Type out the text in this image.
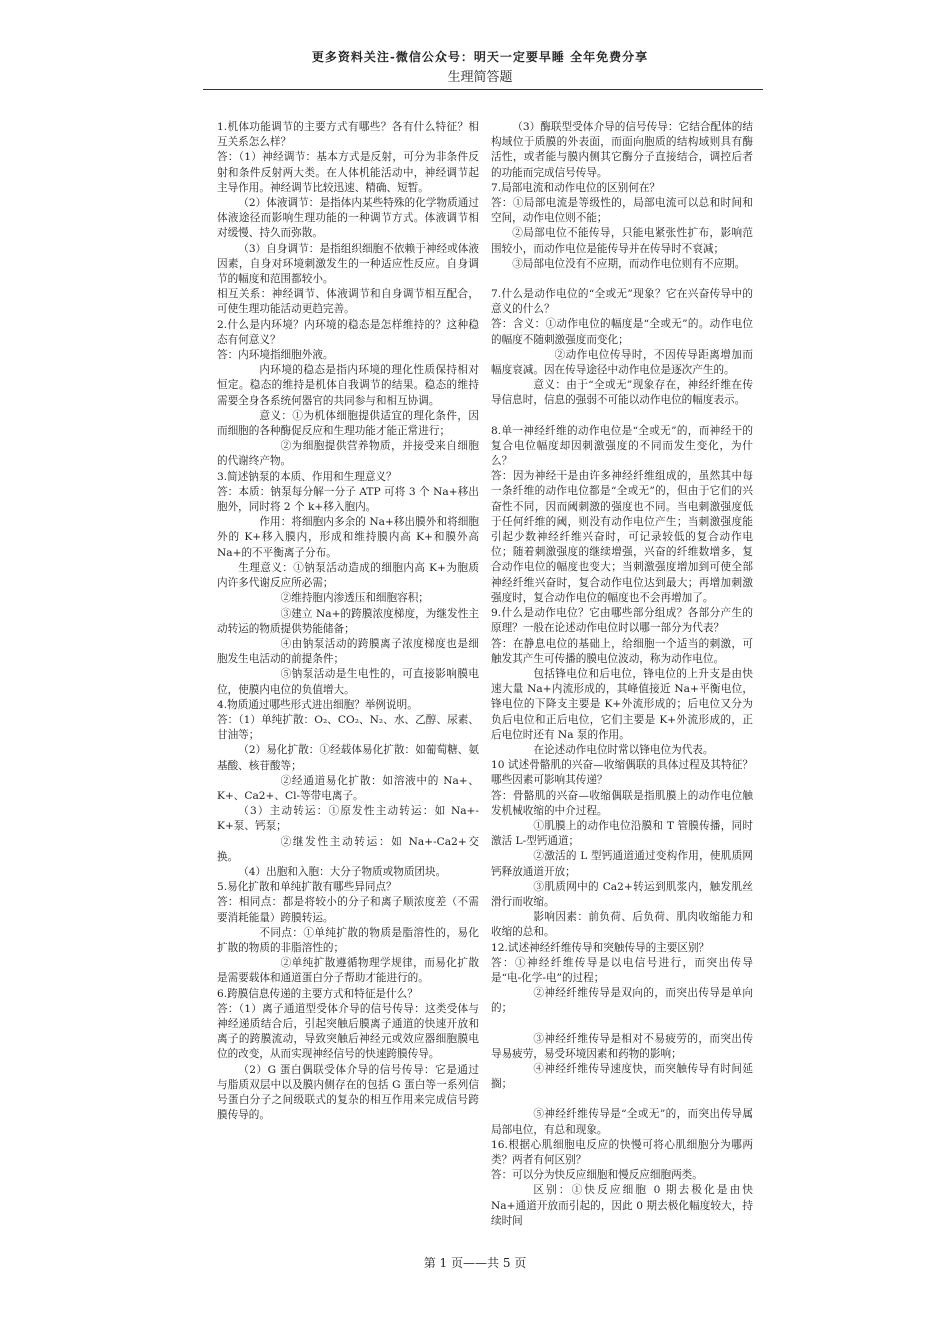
更多资料关注-微信公众号：明天一定要早睡 全年免费分享
生理简答题

1.机体功能调节的主要方式有哪些？各有什么特征？相互关系怎么样？

答：（1）神经调节：基本方式是反射，可分为非条件反射和条件反射两大类。在人体机能活动中，神经调节起主导作用。神经调节比较迅速、精确、短暂。

（2）体液调节：是指体内某些特殊的化学物质通过体液途径而影响生理功能的一种调节方式。体液调节相对缓慢、持久而弥散。

（3）自身调节：是指组织细胞不依赖于神经或体液因素，自身对环境刺激发生的一种适应性反应。自身调节的幅度和范围都较小。

相互关系：神经调节、体液调节和自身调节相互配合，可使生理功能活动更趋完善。

2.什么是内环境？内环境的稳态是怎样维持的？这种稳态有何意义？

答：内环境指细胞外液。

内环境的稳态是指内环境的理化性质保持相对恒定。稳态的维持是机体自我调节的结果。稳态的维持需要全身各系统何器官的共同参与和相互协调。

意义：①为机体细胞提供适宜的理化条件，因而细胞的各种酶促反应和生理功能才能正常进行；

②为细胞提供营养物质，并接受来自细胞的代谢终产物。

3.简述钠泵的本质、作用和生理意义？

答：本质：钠泵每分解一分子 ATP 可将 3 个 Na+移出胞外，同时将 2 个 k+移入胞内。

作用：将细胞内多余的 Na+移出膜外和将细胞外的 K+移入膜内，形成和维持膜内高 K+和膜外高 Na+的不平衡离子分布。

生理意义：①钠泵活动造成的细胞内高 K+为胞质内许多代谢反应所必需；

②维持胞内渗透压和细胞容积；

③建立 Na+的跨膜浓度梯度，为继发性主动转运的物质提供势能储备；

④由钠泵活动的跨膜离子浓度梯度也是细胞发生电活动的前提条件；

⑤钠泵活动是生电性的，可直接影响膜电位，使膜内电位的负值增大。

4.物质通过哪些形式进出细胞？举例说明。

答：（1）单纯扩散：O₂、CO₂、N₂、水、乙醇、尿素、甘油等；

（2）易化扩散：①经载体易化扩散：如葡萄糖、氨基酸、核苷酸等；

②经通道易化扩散：如溶液中的 Na+、K+、Ca2+、Cl-等带电离子。

（3）主动转运：①原发性主动转运：如 Na+-K+泵、钙泵；

②继发性主动转运：如 Na+-Ca2+交换。

（4）出胞和入胞：大分子物质或物质团块。

5.易化扩散和单纯扩散有哪些异同点？

答：相同点：都是将较小的分子和离子顺浓度差（不需要消耗能量）跨膜转运。

不同点：①单纯扩散的物质是脂溶性的，易化扩散的物质的非脂溶性的；

②单纯扩散遵循物理学规律，而易化扩散是需要载体和通道蛋白分子帮助才能进行的。

6.跨膜信息传递的主要方式和特征是什么？

答：（1）离子通道型受体介导的信号传导：这类受体与神经递质结合后，引起突触后膜离子通道的快速开放和离子的跨膜流动，导致突触后神经元或效应器细胞膜电位的改变，从而实现神经信号的快速跨膜传导。

（2）G 蛋白偶联受体介导的信号传导：它是通过与脂质双层中以及膜内侧存在的包括 G 蛋白等一系列信号蛋白分子之间级联式的复杂的相互作用来完成信号跨膜传导的。

（3）酶联型受体介导的信号传导：它结合配体的结构域位于质膜的外表面，而面向胞质的结构域则具有酶活性，或者能与膜内侧其它酶分子直接结合，调控后者的功能而完成信号传导。

7.局部电流和动作电位的区别何在？

答：①局部电流是等级性的，局部电流可以总和时间和空间，动作电位则不能；

②局部电位不能传导，只能电紧张性扩布，影响范围较小，而动作电位是能传导并在传导时不衰减；

③局部电位没有不应期，而动作电位则有不应期。

7.什么是动作电位的“全或无”现象？它在兴奋传导中的意义的什么？

答：含义：①动作电位的幅度是“全或无”的。动作电位的幅度不随刺激强度而变化；

②动作电位传导时，不因传导距离增加而幅度衰减。因在传导途径中动作电位是逐次产生的。

意义：由于“全或无”现象存在，神经纤维在传导信息时，信息的强弱不可能以动作电位的幅度表示。

8.单一神经纤维的动作电位是“全或无”的，而神经干的复合电位幅度却因刺激强度的不同而发生变化，为什么？

答：因为神经干是由许多神经纤维组成的，虽然其中每一条纤维的动作电位都是“全或无”的，但由于它们的兴奋性不同，因而阈刺激的强度也不同。当电刺激强度低于任何纤维的阈，则没有动作电位产生；当刺激强度能引起少数神经纤维兴奋时，可记录较低的复合动作电位；随着刺激强度的继续增强，兴奋的纤维数增多，复合动作电位的幅度也变大；当刺激强度增加到可使全部神经纤维兴奋时，复合动作电位达到最大；再增加刺激强度时，复合动作电位的幅度也不会再增加了。

9.什么是动作电位？它由哪些部分组成？各部分产生的原理？一般在论述动作电位时以哪一部分为代表？

答：在静息电位的基础上，给细胞一个适当的刺激，可触发其产生可传播的膜电位波动，称为动作电位。

包括锋电位和后电位，锋电位的上升支是由快速大量 Na+内流形成的，其峰值接近 Na+平衡电位，锋电位的下降支主要是 K+外流形成的；后电位又分为负后电位和正后电位，它们主要是 K+外流形成的，正后电位时还有 Na 泵的作用。

在论述动作电位时常以锋电位为代表。

10 试述骨骼肌的兴奋—收缩偶联的具体过程及其特征？哪些因素可影响其传递？

答：骨骼肌的兴奋—收缩偶联是指肌膜上的动作电位触发机械收缩的中介过程。

①肌膜上的动作电位沿膜和 T 管膜传播，同时激活 L-型钙通道；

②激活的 L 型钙通道通过变构作用，使肌质网钙释放通道开放；

③肌质网中的 Ca2+转运到肌浆内，触发肌丝滑行而收缩。

影响因素：前负荷、后负荷、肌肉收缩能力和收缩的总和。

12.试述神经纤维传导和突触传导的主要区别？

答：①神经纤维传导是以电信号进行，而突出传导是“电-化学-电”的过程；

②神经纤维传导是双向的，而突出传导是单向的；

③神经纤维传导是相对不易疲劳的，而突出传导易疲劳，易受环境因素和药物的影响；

④神经纤维传导速度快，而突触传导有时间延搁；

⑤神经纤维传导是“全或无”的，而突出传导属局部电位，有总和现象。

16.根据心肌细胞电反应的快慢可将心肌细胞分为哪两类？两者有何区别？

答：可以分为快反应细胞和慢反应细胞两类。

区别：①快反应细胞 0 期去极化是由快 Na+通道开放而引起的，因此 0 期去极化幅度较大，持续时间

第 1 页——共 5 页
